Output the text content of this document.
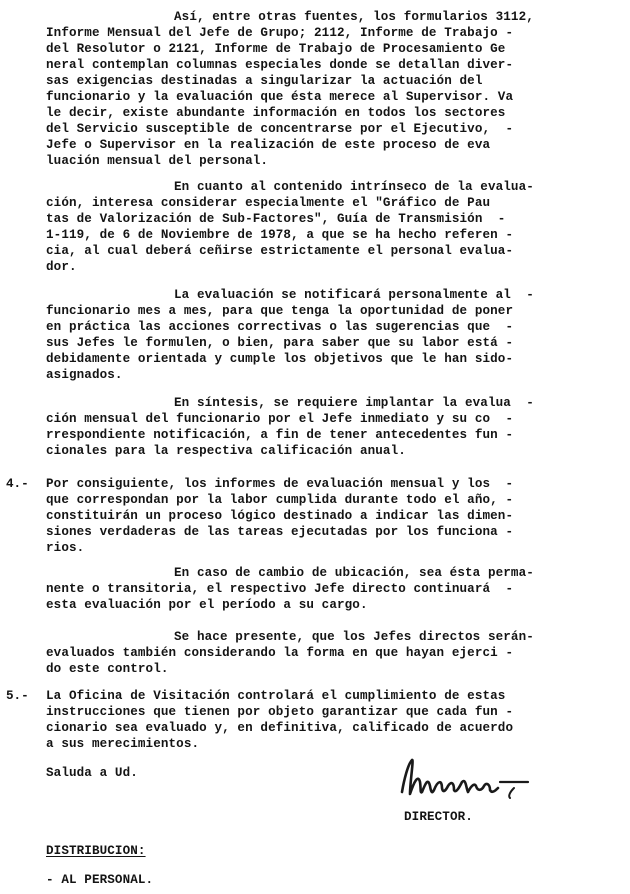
Así, entre otras fuentes, los formularios 3112,
Informe Mensual del Jefe de Grupo; 2112, Informe de Trabajo -
del Resolutor o 2121, Informe de Trabajo de Procesamiento Ge
neral contemplan columnas especiales donde se detallan diver-
sas exigencias destinadas a singularizar la actuación del
funcionario y la evaluación que ésta merece al Supervisor. Va
le decir, existe abundante información en todos los sectores
del Servicio susceptible de concentrarse por el Ejecutivo,  -
Jefe o Supervisor en la realización de este proceso de eva
luación mensual del personal.
En cuanto al contenido intrínseco de la evalua-
ción, interesa considerar especialmente el "Gráfico de Pau
tas de Valorización de Sub-Factores", Guía de Transmisión  -
1-119, de 6 de Noviembre de 1978, a que se ha hecho referen -
cia, al cual deberá ceñirse estrictamente el personal evalua-
dor.
La evaluación se notificará personalmente al  -
funcionario mes a mes, para que tenga la oportunidad de poner
en práctica las acciones correctivas o las sugerencias que  -
sus Jefes le formulen, o bien, para saber que su labor está -
debidamente orientada y cumple los objetivos que le han sido-
asignados.
En síntesis, se requiere implantar la evalua  -
ción mensual del funcionario por el Jefe inmediato y su co  -
rrespondiente notificación, a fin de tener antecedentes fun -
cionales para la respectiva calificación anual.
4.- Por consiguiente, los informes de evaluación mensual y los  -
que correspondan por la labor cumplida durante todo el año, -
constituirán un proceso lógico destinado a indicar las dimen-
siones verdaderas de las tareas ejecutadas por los funciona -
rios.
En caso de cambio de ubicación, sea ésta perma-
nente o transitoria, el respectivo Jefe directo continuará  -
esta evaluación por el período a su cargo.
Se hace presente, que los Jefes directos serán-
evaluados también considerando la forma en que hayan ejerci -
do este control.
5.- La Oficina de Visitación controlará el cumplimiento de estas
instrucciones que tienen por objeto garantizar que cada fun -
cionario sea evaluado y, en definitiva, calificado de acuerdo
a sus merecimientos.
Saluda a Ud.
DIRECTOR.
DISTRIBUCION:
- AL PERSONAL.
